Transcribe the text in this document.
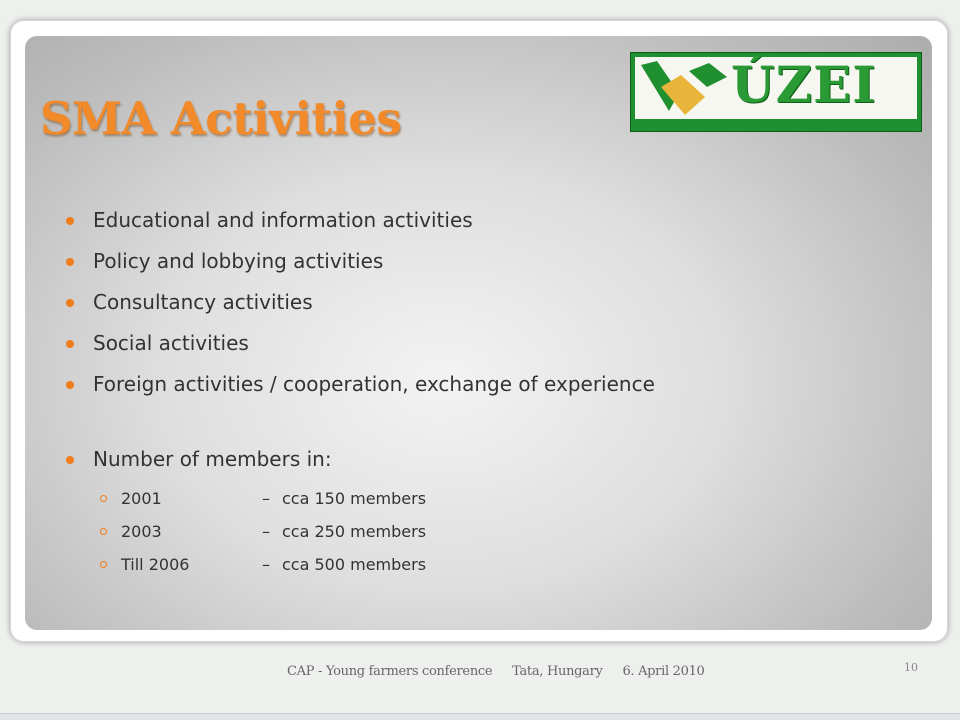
SMA Activities
ÚZEI
Educational and information activities
Policy and lobbying activities
Consultancy activities
Social activities
Foreign activities / cooperation, exchange of experience
Number of members in:
2001	– cca 150 members
2003	– cca 250 members
Till 2006	– cca 500 members
CAP - Young farmers conference Tata, Hungary 6. April 2010	10
